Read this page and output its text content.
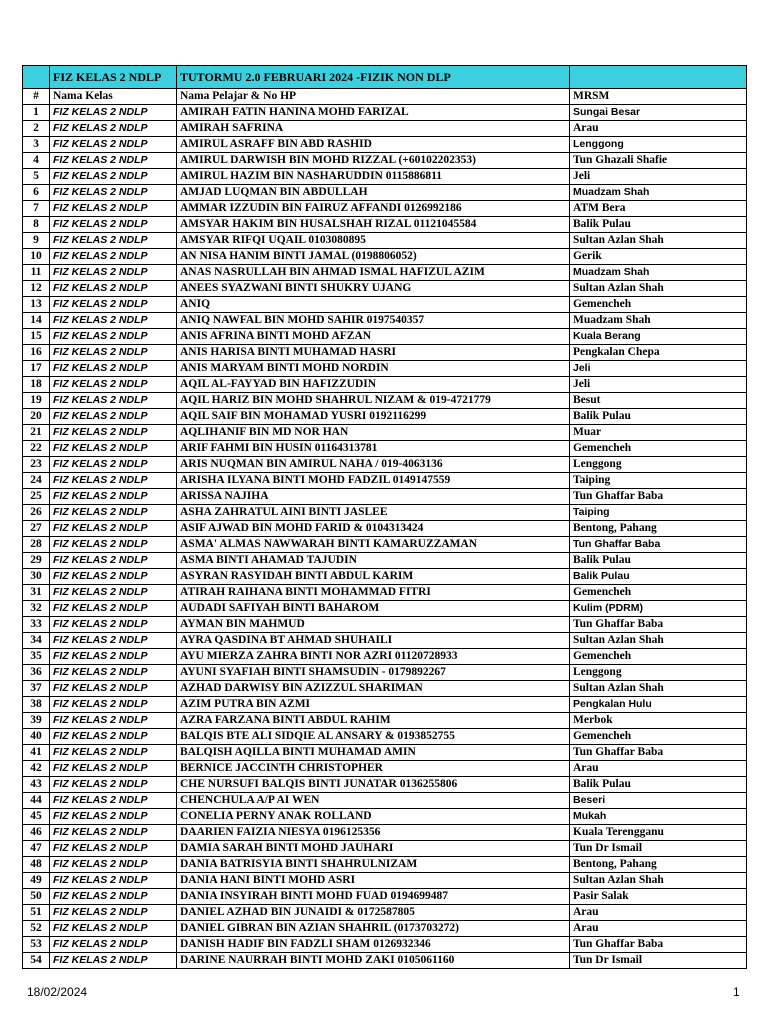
	FIZ KELAS 2 NDLP	TUTORMU 2.0 FEBRUARI 2024 -FIZIK NON DLP	
#	Nama Kelas	Nama Pelajar & No HP	MRSM
1	FIZ KELAS 2 NDLP	AMIRAH FATIN HANINA MOHD FARIZAL	Sungai Besar
2	FIZ KELAS 2 NDLP	AMIRAH SAFRINA	Arau
3	FIZ KELAS 2 NDLP	AMIRUL ASRAFF BIN ABD RASHID	Lenggong
4	FIZ KELAS 2 NDLP	AMIRUL DARWISH BIN MOHD RIZZAL (+60102202353)	Tun Ghazali Shafie
5	FIZ KELAS 2 NDLP	AMIRUL HAZIM BIN NASHARUDDIN 0115886811	Jeli
6	FIZ KELAS 2 NDLP	AMJAD LUQMAN BIN ABDULLAH	Muadzam Shah
7	FIZ KELAS 2 NDLP	AMMAR IZZUDIN BIN FAIRUZ AFFANDI 0126992186	ATM Bera
8	FIZ KELAS 2 NDLP	AMSYAR HAKIM BIN HUSALSHAH RIZAL 01121045584	Balik Pulau
9	FIZ KELAS 2 NDLP	AMSYAR RIFQI UQAIL 0103080895	Sultan Azlan Shah
10	FIZ KELAS 2 NDLP	AN NISA HANIM BINTI JAMAL (0198806052)	Gerik
11	FIZ KELAS 2 NDLP	ANAS NASRULLAH BIN AHMAD ISMAL HAFIZUL AZIM	Muadzam Shah
12	FIZ KELAS 2 NDLP	ANEES SYAZWANI BINTI SHUKRY UJANG	Sultan Azlan Shah
13	FIZ KELAS 2 NDLP	ANIQ	Gemencheh
14	FIZ KELAS 2 NDLP	ANIQ NAWFAL BIN MOHD SAHIR 0197540357	Muadzam Shah
15	FIZ KELAS 2 NDLP	ANIS AFRINA BINTI MOHD AFZAN	Kuala Berang
16	FIZ KELAS 2 NDLP	ANIS HARISA BINTI MUHAMAD HASRI	Pengkalan Chepa
17	FIZ KELAS 2 NDLP	ANIS MARYAM BINTI MOHD NORDIN	Jeli
18	FIZ KELAS 2 NDLP	AQIL AL-FAYYAD BIN HAFIZZUDIN	Jeli
19	FIZ KELAS 2 NDLP	AQIL HARIZ BIN MOHD SHAHRUL NIZAM & 019-4721779	Besut
20	FIZ KELAS 2 NDLP	AQIL SAIF BIN MOHAMAD YUSRI 0192116299	Balik Pulau
21	FIZ KELAS 2 NDLP	AQLIHANIF BIN MD NOR HAN	Muar
22	FIZ KELAS 2 NDLP	ARIF FAHMI BIN HUSIN 01164313781	Gemencheh
23	FIZ KELAS 2 NDLP	ARIS NUQMAN BIN AMIRUL NAHA / 019-4063136	Lenggong
24	FIZ KELAS 2 NDLP	ARISHA ILYANA BINTI MOHD FADZIL 0149147559	Taiping
25	FIZ KELAS 2 NDLP	ARISSA NAJIHA	Tun Ghaffar Baba
26	FIZ KELAS 2 NDLP	ASHA ZAHRATUL AINI BINTI JASLEE	Taiping
27	FIZ KELAS 2 NDLP	ASIF AJWAD BIN MOHD FARID & 0104313424	Bentong, Pahang
28	FIZ KELAS 2 NDLP	ASMA' ALMAS NAWWARAH BINTI KAMARUZZAMAN	Tun Ghaffar Baba
29	FIZ KELAS 2 NDLP	ASMA BINTI AHAMAD TAJUDIN	Balik Pulau
30	FIZ KELAS 2 NDLP	ASYRAN RASYIDAH BINTI ABDUL KARIM	Balik Pulau
31	FIZ KELAS 2 NDLP	ATIRAH RAIHANA BINTI MOHAMMAD FITRI	Gemencheh
32	FIZ KELAS 2 NDLP	AUDADI SAFIYAH BINTI BAHAROM	Kulim (PDRM)
33	FIZ KELAS 2 NDLP	AYMAN BIN MAHMUD	Tun Ghaffar Baba
34	FIZ KELAS 2 NDLP	AYRA QASDINA BT AHMAD SHUHAILI	Sultan Azlan Shah
35	FIZ KELAS 2 NDLP	AYU MIERZA ZAHRA BINTI NOR AZRI 01120728933	Gemencheh
36	FIZ KELAS 2 NDLP	AYUNI SYAFIAH BINTI SHAMSUDIN - 0179892267	Lenggong
37	FIZ KELAS 2 NDLP	AZHAD DARWISY BIN AZIZZUL SHARIMAN	Sultan Azlan Shah
38	FIZ KELAS 2 NDLP	AZIM PUTRA BIN AZMI	Pengkalan Hulu
39	FIZ KELAS 2 NDLP	AZRA FARZANA BINTI ABDUL RAHIM	Merbok
40	FIZ KELAS 2 NDLP	BALQIS BTE ALI SIDQIE AL ANSARY & 0193852755	Gemencheh
41	FIZ KELAS 2 NDLP	BALQISH AQILLA BINTI MUHAMAD AMIN	Tun Ghaffar Baba
42	FIZ KELAS 2 NDLP	BERNICE JACCINTH CHRISTOPHER	Arau
43	FIZ KELAS 2 NDLP	CHE NURSUFI BALQIS BINTI JUNATAR 0136255806	Balik Pulau
44	FIZ KELAS 2 NDLP	CHENCHULA A/P AI WEN	Beseri
45	FIZ KELAS 2 NDLP	CONELIA PERNY ANAK ROLLAND	Mukah
46	FIZ KELAS 2 NDLP	DAARIEN FAIZIA NIESYA 0196125356	Kuala Terengganu
47	FIZ KELAS 2 NDLP	DAMIA SARAH BINTI MOHD JAUHARI	Tun Dr Ismail
48	FIZ KELAS 2 NDLP	DANIA BATRISYIA BINTI SHAHRULNIZAM	Bentong, Pahang
49	FIZ KELAS 2 NDLP	DANIA HANI BINTI MOHD ASRI	Sultan Azlan Shah
50	FIZ KELAS 2 NDLP	DANIA INSYIRAH BINTI MOHD FUAD 0194699487	Pasir Salak
51	FIZ KELAS 2 NDLP	DANIEL AZHAD BIN JUNAIDI & 0172587805	Arau
52	FIZ KELAS 2 NDLP	DANIEL GIBRAN BIN AZIAN SHAHRIL (0173703272)	Arau
53	FIZ KELAS 2 NDLP	DANISH HADIF BIN FADZLI SHAM 0126932346	Tun Ghaffar Baba
54	FIZ KELAS 2 NDLP	DARINE NAURRAH BINTI MOHD ZAKI 0105061160	Tun Dr Ismail
18/02/2024	1
